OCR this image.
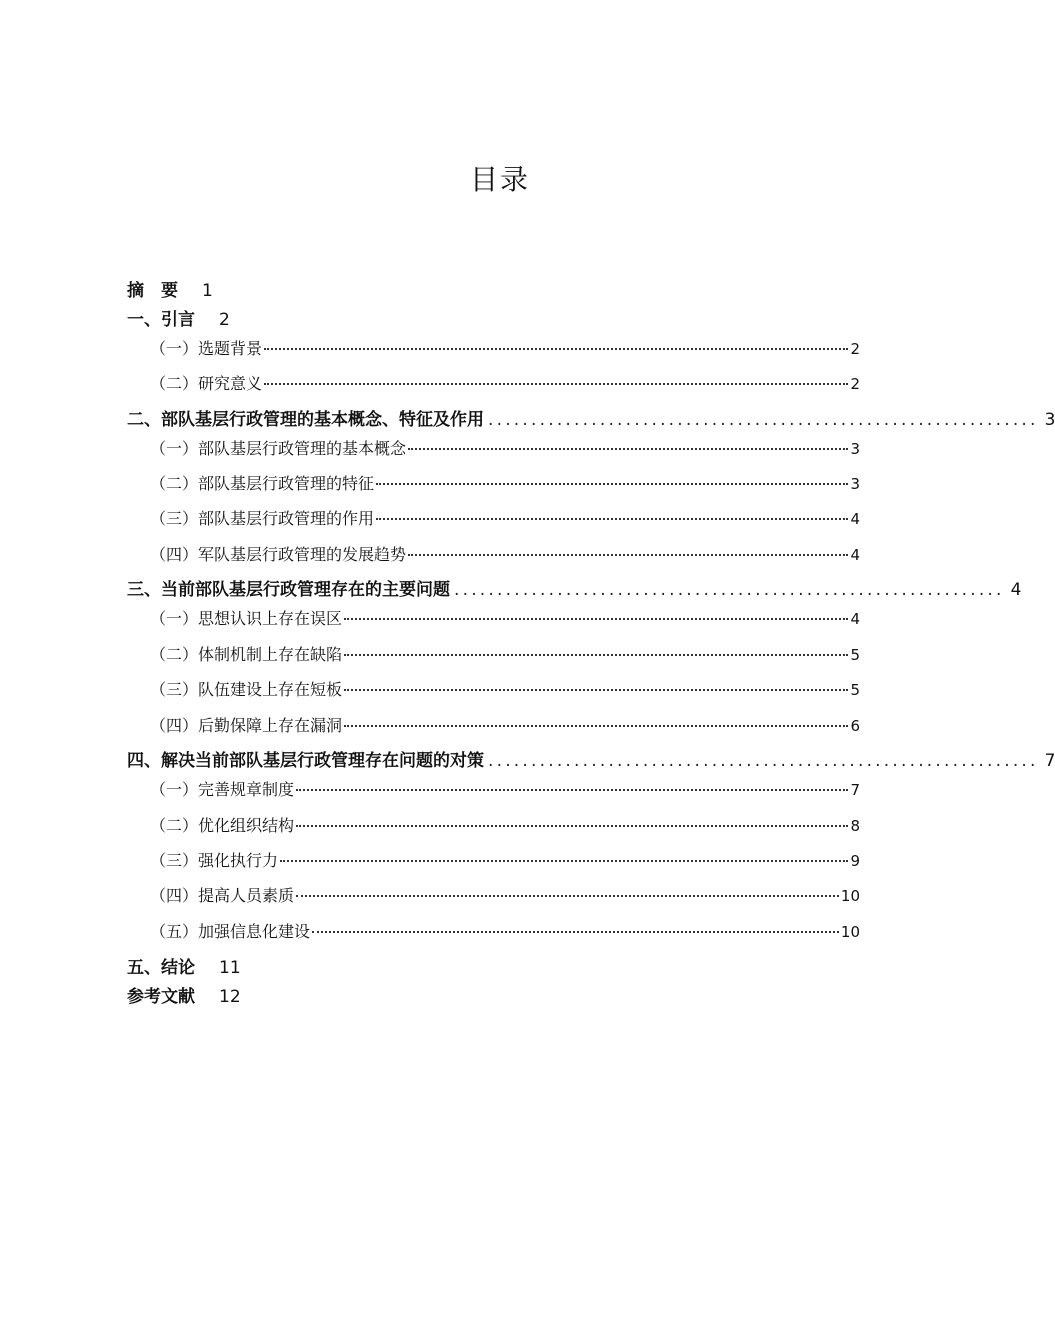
目录
摘　要 1
一、引言 2
（一）选题背景	2
（二）研究意义	2
二、部队基层行政管理的基本概念、特征及作用 ................................................................ 3
（一）部队基层行政管理的基本概念	3
（二）部队基层行政管理的特征	3
（三）部队基层行政管理的作用	4
（四）军队基层行政管理的发展趋势	4
三、当前部队基层行政管理存在的主要问题 ................................................................ 4
（一）思想认识上存在误区	4
（二）体制机制上存在缺陷	5
（三）队伍建设上存在短板	5
（四）后勤保障上存在漏洞	6
四、解决当前部队基层行政管理存在问题的对策 ................................................................ 7
（一）完善规章制度	7
（二）优化组织结构	8
（三）强化执行力	9
（四）提高人员素质	10
（五）加强信息化建设	10
五、结论 11
参考文献 12
